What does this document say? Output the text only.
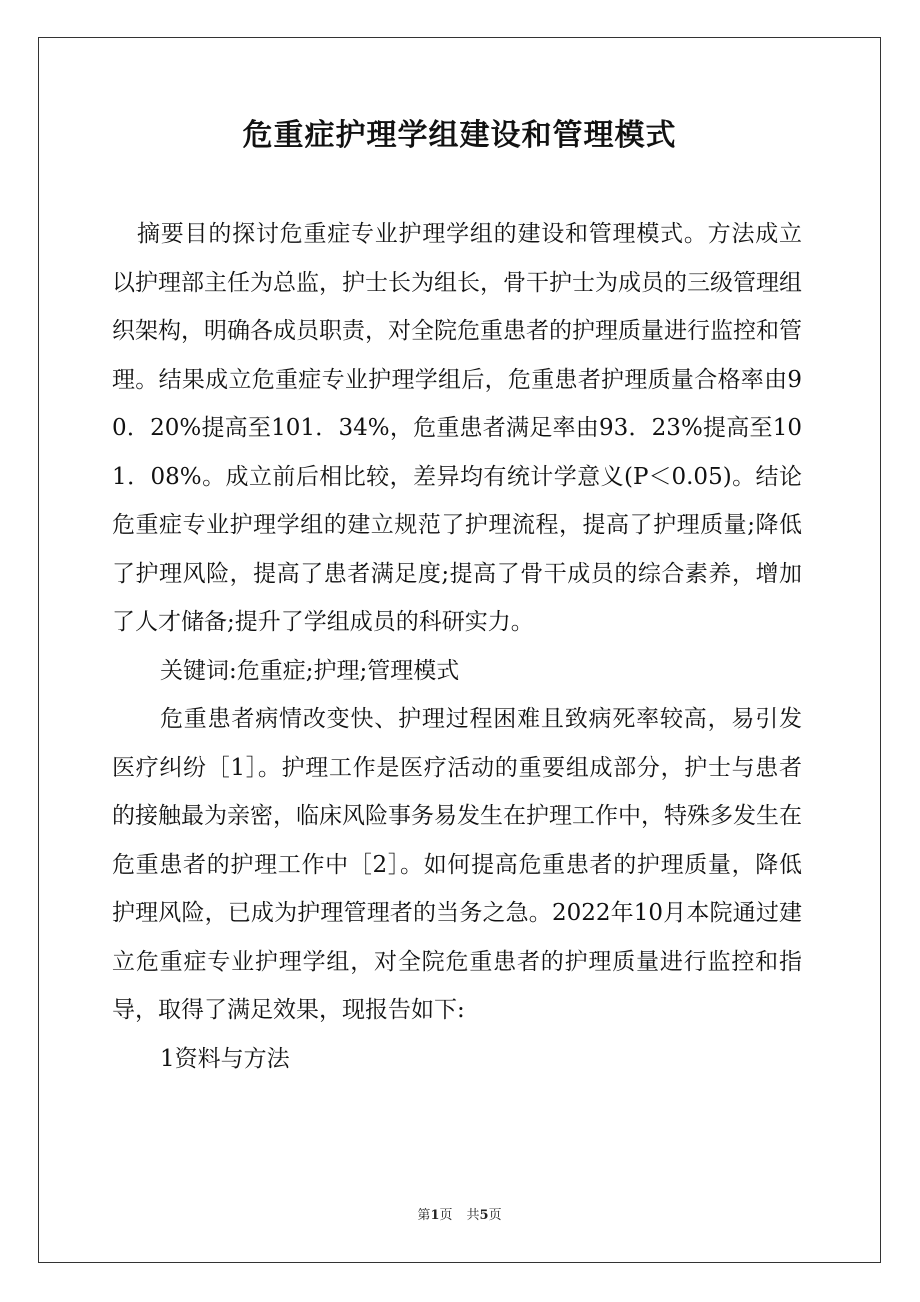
危重症护理学组建设和管理模式

摘要目的探讨危重症专业护理学组的建设和管理模式。方法成立以护理部主任为总监，护士长为组长，骨干护士为成员的三级管理组织架构，明确各成员职责，对全院危重患者的护理质量进行监控和管理。结果成立危重症专业护理学组后，危重患者护理质量合格率由90．20%提高至101．34%，危重患者满足率由93．23%提高至101．08%。成立前后相比较，差异均有统计学意义(P＜0.05)。结论危重症专业护理学组的建立规范了护理流程，提高了护理质量;降低了护理风险，提高了患者满足度;提高了骨干成员的综合素养，增加了人才储备;提升了学组成员的科研实力。

关键词:危重症;护理;管理模式

危重患者病情改变快、护理过程困难且致病死率较高，易引发医疗纠纷［1］。护理工作是医疗活动的重要组成部分，护士与患者的接触最为亲密，临床风险事务易发生在护理工作中，特殊多发生在危重患者的护理工作中［2］。如何提高危重患者的护理质量，降低护理风险，已成为护理管理者的当务之急。2022年10月本院通过建立危重症专业护理学组，对全院危重患者的护理质量进行监控和指导，取得了满足效果，现报告如下:

1资料与方法

第1页 共5页
